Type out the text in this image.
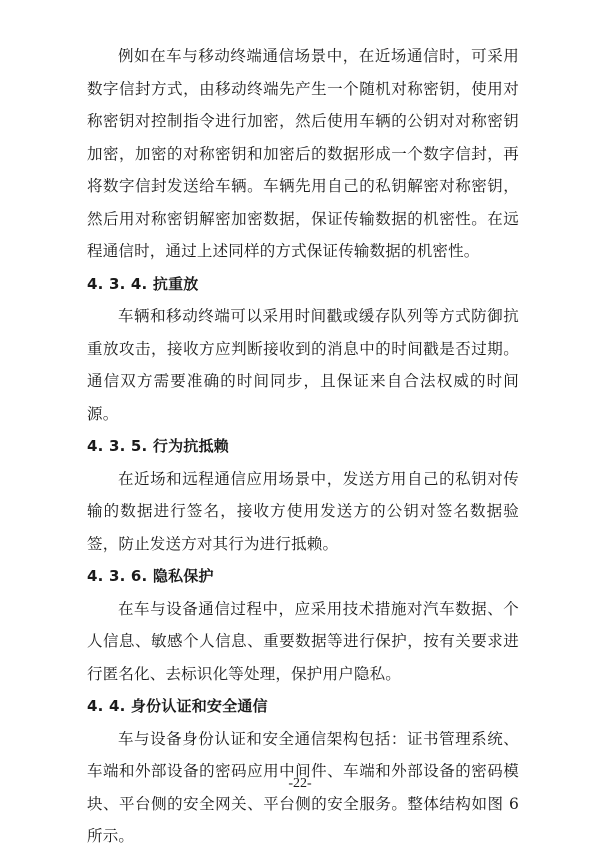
例如在车与移动终端通信场景中，在近场通信时，可采用数字信封方式，由移动终端先产生一个随机对称密钥，使用对称密钥对控制指令进行加密，然后使用车辆的公钥对对称密钥加密，加密的对称密钥和加密后的数据形成一个数字信封，再将数字信封发送给车辆。车辆先用自己的私钥解密对称密钥，然后用对称密钥解密加密数据，保证传输数据的机密性。在远程通信时，通过上述同样的方式保证传输数据的机密性。

4. 3. 4. 抗重放

车辆和移动终端可以采用时间戳或缓存队列等方式防御抗重放攻击，接收方应判断接收到的消息中的时间戳是否过期。通信双方需要准确的时间同步，且保证来自合法权威的时间源。

4. 3. 5. 行为抗抵赖

在近场和远程通信应用场景中，发送方用自己的私钥对传输的数据进行签名，接收方使用发送方的公钥对签名数据验签，防止发送方对其行为进行抵赖。

4. 3. 6. 隐私保护

在车与设备通信过程中，应采用技术措施对汽车数据、个人信息、敏感个人信息、重要数据等进行保护，按有关要求进行匿名化、去标识化等处理，保护用户隐私。

4. 4. 身份认证和安全通信

车与设备身份认证和安全通信架构包括：证书管理系统、车端和外部设备的密码应用中间件、车端和外部设备的密码模块、平台侧的安全网关、平台侧的安全服务。整体结构如图 6 所示。

-22-
